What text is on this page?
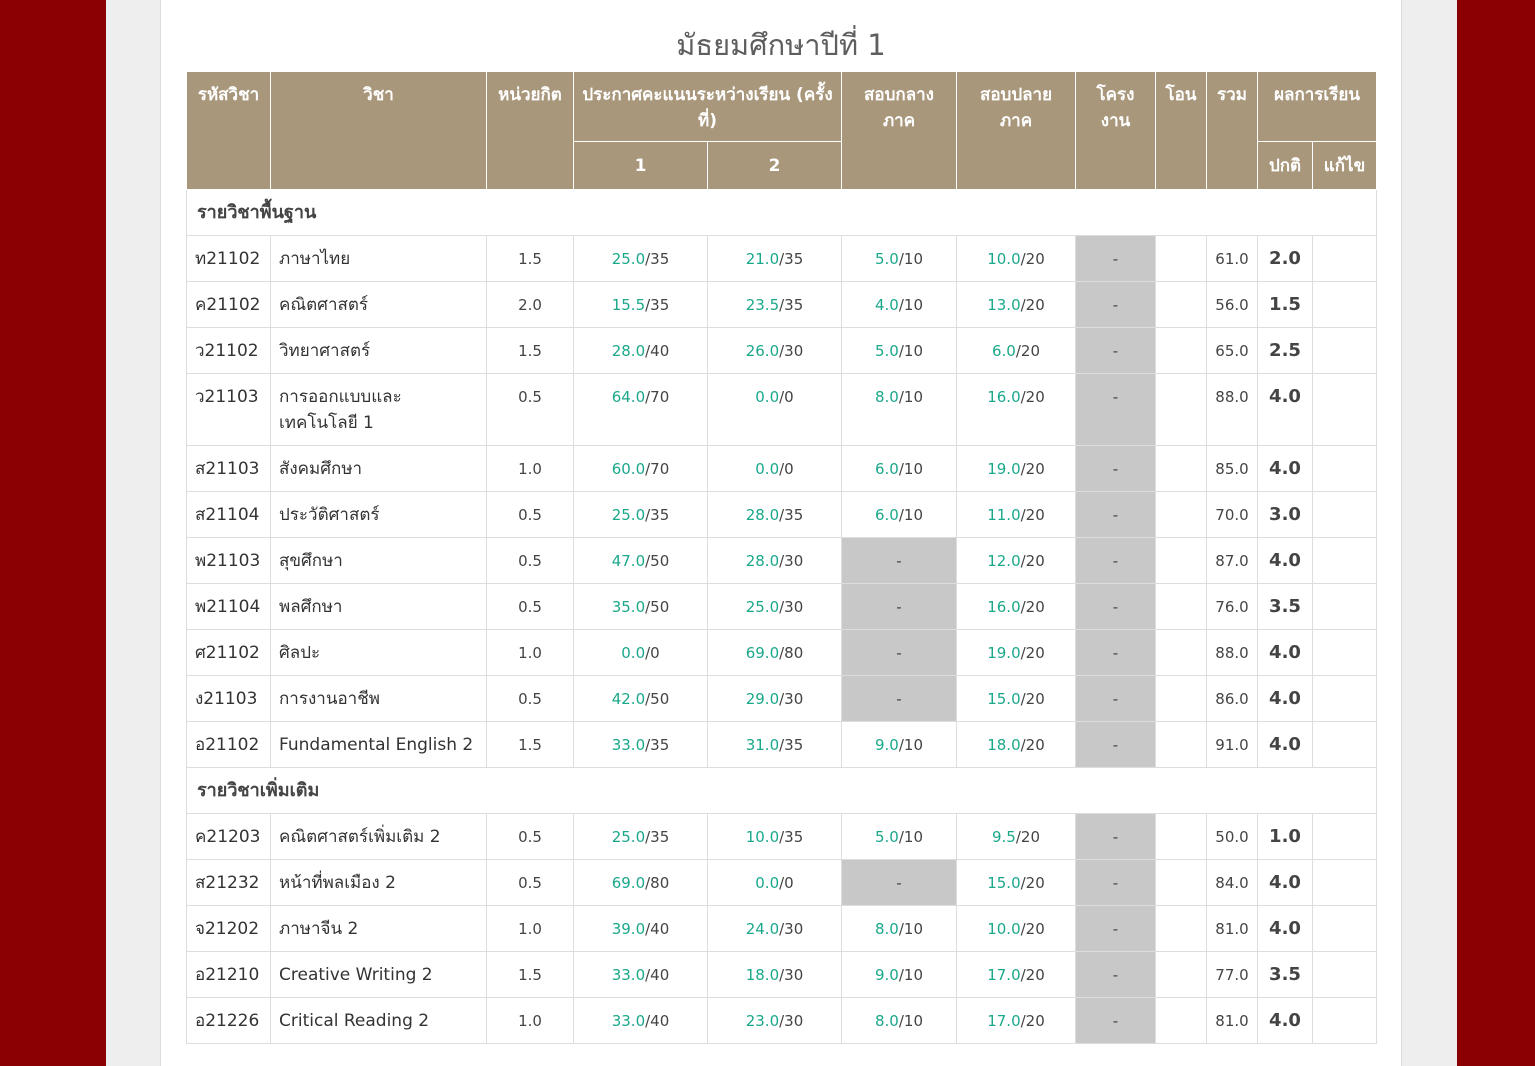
มัธยมศึกษาปีที่ 1
รหัสวิชา	วิชา	หน่วยกิต	ประกาศคะแนนระหว่างเรียน (ครั้งที่)		สอบกลาง ภาค	สอบปลาย ภาค	โครง งาน	โอน	รวม	ผลการเรียน	
			1	2						ปกติ	แก้ไข
รายวิชาพื้นฐาน											
ท21102	ภาษาไทย	1.5	25.0/35	21.0/35	5.0/10	10.0/20	-		61.0	2.0	
ค21102	คณิตศาสตร์	2.0	15.5/35	23.5/35	4.0/10	13.0/20	-		56.0	1.5	
ว21102	วิทยาศาสตร์	1.5	28.0/40	26.0/30	5.0/10	6.0/20	-		65.0	2.5	
ว21103	การออกแบบและ
เทคโนโลยี 1	0.5	64.0/70	0.0/0	8.0/10	16.0/20	-		88.0	4.0	
ส21103	สังคมศึกษา	1.0	60.0/70	0.0/0	6.0/10	19.0/20	-		85.0	4.0	
ส21104	ประวัติศาสตร์	0.5	25.0/35	28.0/35	6.0/10	11.0/20	-		70.0	3.0	
พ21103	สุขศึกษา	0.5	47.0/50	28.0/30	-	12.0/20	-		87.0	4.0	
พ21104	พลศึกษา	0.5	35.0/50	25.0/30	-	16.0/20	-		76.0	3.5	
ศ21102	ศิลปะ	1.0	0.0/0	69.0/80	-	19.0/20	-		88.0	4.0	
ง21103	การงานอาชีพ	0.5	42.0/50	29.0/30	-	15.0/20	-		86.0	4.0	
อ21102	Fundamental English 2	1.5	33.0/35	31.0/35	9.0/10	18.0/20	-		91.0	4.0	
รายวิชาเพิ่มเติม											
ค21203	คณิตศาสตร์เพิ่มเติม 2	0.5	25.0/35	10.0/35	5.0/10	9.5/20	-		50.0	1.0	
ส21232	หน้าที่พลเมือง 2	0.5	69.0/80	0.0/0	-	15.0/20	-		84.0	4.0	
จ21202	ภาษาจีน 2	1.0	39.0/40	24.0/30	8.0/10	10.0/20	-		81.0	4.0	
อ21210	Creative Writing 2	1.5	33.0/40	18.0/30	9.0/10	17.0/20	-		77.0	3.5	
อ21226	Critical Reading 2	1.0	33.0/40	23.0/30	8.0/10	17.0/20	-		81.0	4.0	
